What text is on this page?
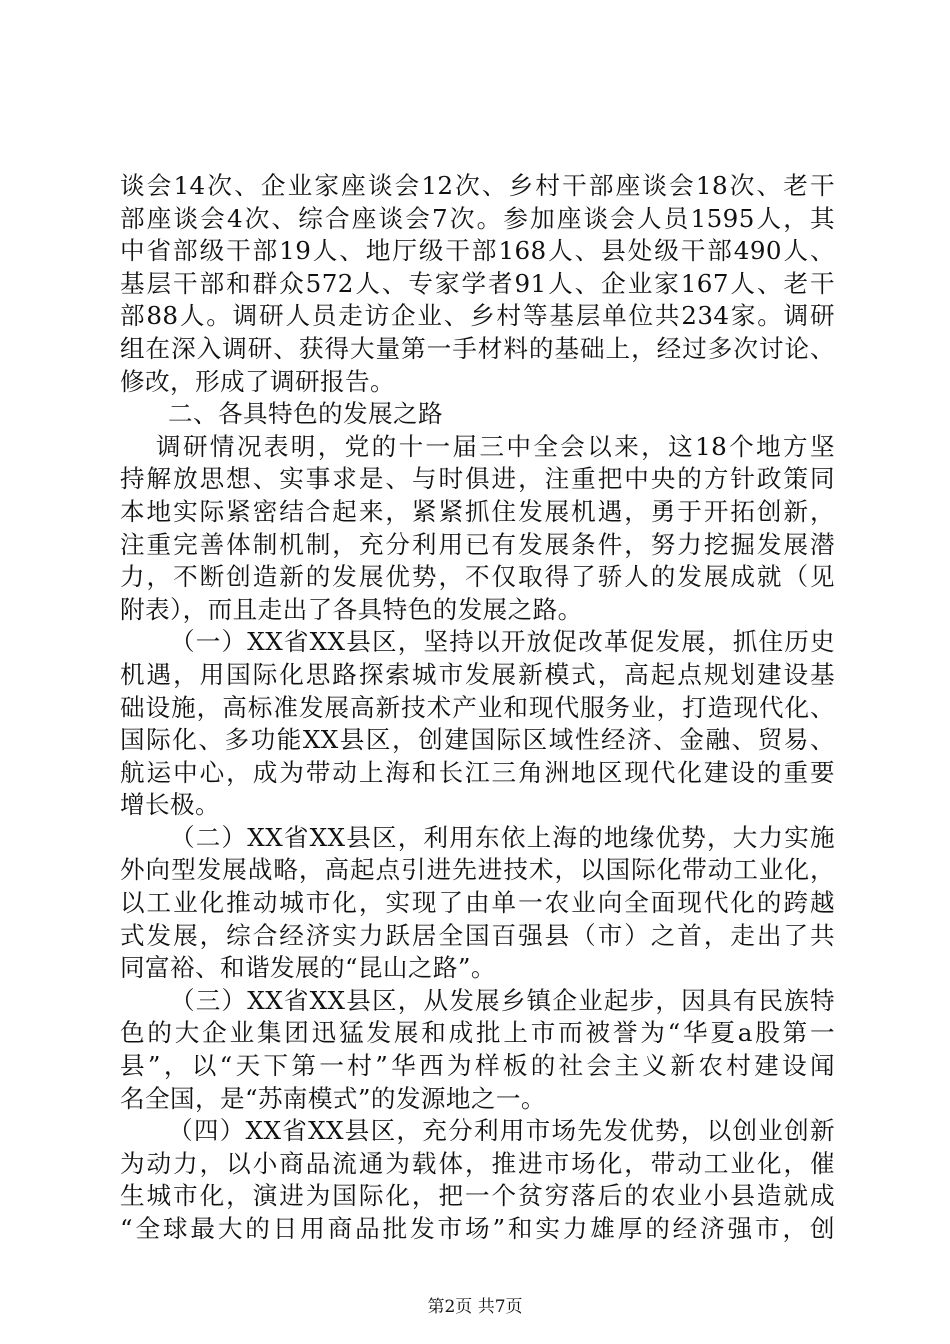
谈会14次、企业家座谈会12次、乡村干部座谈会18次、老干
部座谈会4次、综合座谈会7次。参加座谈会人员1595人，其
中省部级干部19人、地厅级干部168人、县处级干部490人、
基层干部和群众572人、专家学者91人、企业家167人、老干
部88人。调研人员走访企业、乡村等基层单位共234家。调研
组在深入调研、获得大量第一手材料的基础上，经过多次讨论、
修改，形成了调研报告。
二、各具特色的发展之路
调研情况表明，党的十一届三中全会以来，这18个地方坚
持解放思想、实事求是、与时俱进，注重把中央的方针政策同
本地实际紧密结合起来，紧紧抓住发展机遇，勇于开拓创新，
注重完善体制机制，充分利用已有发展条件，努力挖掘发展潜
力，不断创造新的发展优势，不仅取得了骄人的发展成就（见
附表），而且走出了各具特色的发展之路。
（一）XX省XX县区，坚持以开放促改革促发展，抓住历史
机遇，用国际化思路探索城市发展新模式，高起点规划建设基
础设施，高标准发展高新技术产业和现代服务业，打造现代化、
国际化、多功能XX县区，创建国际区域性经济、金融、贸易、
航运中心，成为带动上海和长江三角洲地区现代化建设的重要
增长极。
（二）XX省XX县区，利用东依上海的地缘优势，大力实施
外向型发展战略，高起点引进先进技术，以国际化带动工业化，
以工业化推动城市化，实现了由单一农业向全面现代化的跨越
式发展，综合经济实力跃居全国百强县（市）之首，走出了共
同富裕、和谐发展的“昆山之路”。
（三）XX省XX县区，从发展乡镇企业起步，因具有民族特
色的大企业集团迅猛发展和成批上市而被誉为“华夏a股第一
县”，以“天下第一村”华西为样板的社会主义新农村建设闻
名全国，是“苏南模式”的发源地之一。
（四）XX省XX县区，充分利用市场先发优势，以创业创新
为动力，以小商品流通为载体，推进市场化，带动工业化，催
生城市化，演进为国际化，把一个贫穷落后的农业小县造就成
“全球最大的日用商品批发市场”和实力雄厚的经济强市，创
第2页 共7页
